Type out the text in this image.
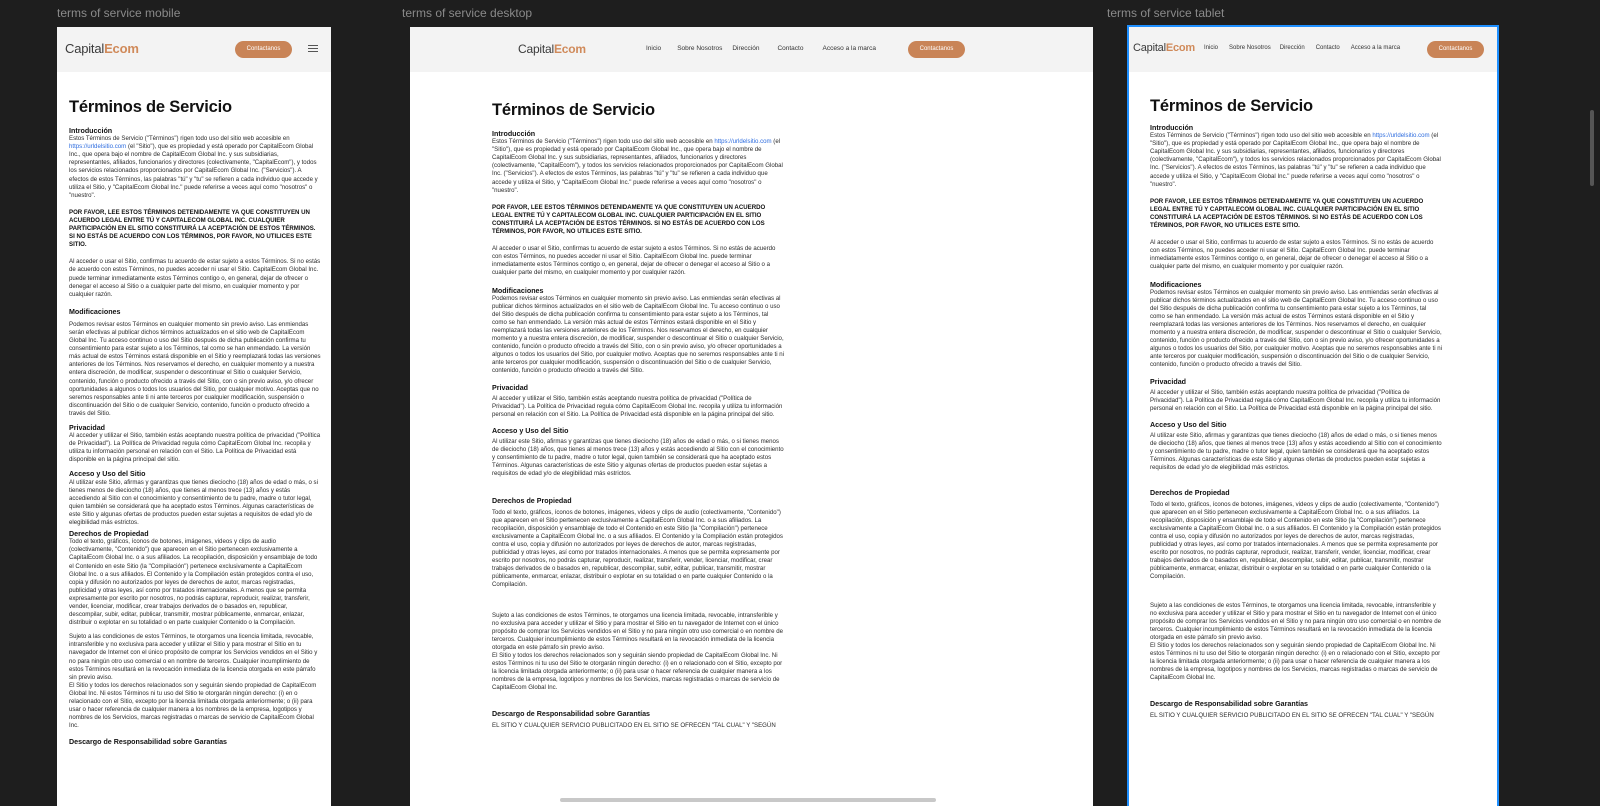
terms of service mobile	terms of service desktop	terms of service tablet
CapitalEcom	Contactanos
Términos de Servicio
Introducción

Estos Términos de Servicio ("Términos") rigen todo uso del sitio web accesible en https://urldelsitio.com (el "Sitio"), que es propiedad y está operado por CapitalEcom Global Inc., que opera bajo el nombre de CapitalEcom Global Inc. y sus subsidiarias, representantes, afiliados, funcionarios y directores (colectivamente, "CapitalEcom"), y todos los servicios relacionados proporcionados por CapitalEcom Global Inc. ("Servicios"). A efectos de estos Términos, las palabras "tú" y "tu" se refieren a cada individuo que accede y utiliza el Sitio, y "CapitalEcom Global Inc." puede referirse a veces aquí como "nosotros" o "nuestro".

POR FAVOR, LEE ESTOS TÉRMINOS DETENIDAMENTE YA QUE CONSTITUYEN UN ACUERDO LEGAL ENTRE TÚ Y CAPITALECOM GLOBAL INC. CUALQUIER PARTICIPACIÓN EN EL SITIO CONSTITUIRÁ LA ACEPTACIÓN DE ESTOS TÉRMINOS. SI NO ESTÁS DE ACUERDO CON LOS TÉRMINOS, POR FAVOR, NO UTILICES ESTE SITIO.

Al acceder o usar el Sitio, confirmas tu acuerdo de estar sujeto a estos Términos. Si no estás de acuerdo con estos Términos, no puedes acceder ni usar el Sitio. CapitalEcom Global Inc. puede terminar inmediatamente estos Términos contigo o, en general, dejar de ofrecer o denegar el acceso al Sitio o a cualquier parte del mismo, en cualquier momento y por cualquier razón.

Modificaciones

Podemos revisar estos Términos en cualquier momento sin previo aviso. Las enmiendas serán efectivas al publicar dichos términos actualizados en el sitio web de CapitalEcom Global Inc. Tu acceso continuo o uso del Sitio después de dicha publicación confirma tu consentimiento para estar sujeto a los Términos, tal como se han enmendado. La versión más actual de estos Términos estará disponible en el Sitio y reemplazará todas las versiones anteriores de los Términos. Nos reservamos el derecho, en cualquier momento y a nuestra entera discreción, de modificar, suspender o descontinuar el Sitio o cualquier Servicio, contenido, función o producto ofrecido a través del Sitio, con o sin previo aviso, y/o ofrecer oportunidades a algunos o todos los usuarios del Sitio, por cualquier motivo. Aceptas que no seremos responsables ante ti ni ante terceros por cualquier modificación, suspensión o discontinuación del Sitio o de cualquier Servicio, contenido, función o producto ofrecido a través del Sitio.

Privacidad

Al acceder y utilizar el Sitio, también estás aceptando nuestra política de privacidad ("Política de Privacidad"). La Política de Privacidad regula cómo CapitalEcom Global Inc. recopila y utiliza tu información personal en relación con el Sitio. La Política de Privacidad está disponible en la página principal del sitio.

Acceso y Uso del Sitio

Al utilizar este Sitio, afirmas y garantizas que tienes dieciocho (18) años de edad o más, o si tienes menos de dieciocho (18) años, que tienes al menos trece (13) años y estás accediendo al Sitio con el conocimiento y consentimiento de tu padre, madre o tutor legal, quien también se considerará que ha aceptado estos Términos. Algunas características de este Sitio y algunas ofertas de productos pueden estar sujetas a requisitos de edad y/o de elegibilidad más estrictos.

Derechos de Propiedad

Todo el texto, gráficos, íconos de botones, imágenes, videos y clips de audio (colectivamente, "Contenido") que aparecen en el Sitio pertenecen exclusivamente a CapitalEcom Global Inc. o a sus afiliados. La recopilación, disposición y ensamblaje de todo el Contenido en este Sitio (la "Compilación") pertenece exclusivamente a CapitalEcom Global Inc. o a sus afiliados. El Contenido y la Compilación están protegidos contra el uso, copia y difusión no autorizados por leyes de derechos de autor, marcas registradas, publicidad y otras leyes, así como por tratados internacionales. A menos que se permita expresamente por escrito por nosotros, no podrás capturar, reproducir, realizar, transferir, vender, licenciar, modificar, crear trabajos derivados de o basados en, republicar, descompilar, subir, editar, publicar, transmitir, mostrar públicamente, enmarcar, enlazar, distribuir o explotar en su totalidad o en parte cualquier Contenido o la Compilación.

Sujeto a las condiciones de estos Términos, te otorgamos una licencia limitada, revocable, intransferible y no exclusiva para acceder y utilizar el Sitio y para mostrar el Sitio en tu navegador de Internet con el único propósito de comprar los Servicios vendidos en el Sitio y no para ningún otro uso comercial o en nombre de terceros. Cualquier incumplimiento de estos Términos resultará en la revocación inmediata de la licencia otorgada en este párrafo sin previo aviso.

El Sitio y todos los derechos relacionados son y seguirán siendo propiedad de CapitalEcom Global Inc. Ni estos Términos ni tu uso del Sitio te otorgarán ningún derecho: (i) en o relacionado con el Sitio, excepto por la licencia limitada otorgada anteriormente; o (ii) para usar o hacer referencia de cualquier manera a los nombres de la empresa, logotipos y nombres de los Servicios, marcas registradas o marcas de servicio de CapitalEcom Global Inc.

Descargo de Responsabilidad sobre Garantías
CapitalEcom	Inicio Sobre Nosotros Dirección	Contacto	Acceso a la marca	Contactanos
Términos de Servicio
Introducción

Estos Términos de Servicio ("Términos") rigen todo uso del sitio web accesible en https://urldelsitio.com (el "Sitio"), que es propiedad y está operado por CapitalEcom Global Inc., que opera bajo el nombre de CapitalEcom Global Inc. y sus subsidiarias, representantes, afiliados, funcionarios y directores (colectivamente, "CapitalEcom"), y todos los servicios relacionados proporcionados por CapitalEcom Global Inc. ("Servicios"). A efectos de estos Términos, las palabras "tú" y "tu" se refieren a cada individuo que accede y utiliza el Sitio, y "CapitalEcom Global Inc." puede referirse a veces aquí como "nosotros" o "nuestro".

POR FAVOR, LEE ESTOS TÉRMINOS DETENIDAMENTE YA QUE CONSTITUYEN UN ACUERDO LEGAL ENTRE TÚ Y CAPITALECOM GLOBAL INC. CUALQUIER PARTICIPACIÓN EN EL SITIO CONSTITUIRÁ LA ACEPTACIÓN DE ESTOS TÉRMINOS. SI NO ESTÁS DE ACUERDO CON LOS TÉRMINOS, POR FAVOR, NO UTILICES ESTE SITIO.

Al acceder o usar el Sitio, confirmas tu acuerdo de estar sujeto a estos Términos. Si no estás de acuerdo con estos Términos, no puedes acceder ni usar el Sitio. CapitalEcom Global Inc. puede terminar inmediatamente estos Términos contigo o, en general, dejar de ofrecer o denegar el acceso al Sitio o a cualquier parte del mismo, en cualquier momento y por cualquier razón.

Modificaciones

Podemos revisar estos Términos en cualquier momento sin previo aviso. Las enmiendas serán efectivas al publicar dichos términos actualizados en el sitio web de CapitalEcom Global Inc. Tu acceso continuo o uso del Sitio después de dicha publicación confirma tu consentimiento para estar sujeto a los Términos, tal como se han enmendado. La versión más actual de estos Términos estará disponible en el Sitio y reemplazará todas las versiones anteriores de los Términos. Nos reservamos el derecho, en cualquier momento y a nuestra entera discreción, de modificar, suspender o descontinuar el Sitio o cualquier Servicio, contenido, función o producto ofrecido a través del Sitio, con o sin previo aviso, y/o ofrecer oportunidades a algunos o todos los usuarios del Sitio, por cualquier motivo. Aceptas que no seremos responsables ante ti ni ante terceros por cualquier modificación, suspensión o discontinuación del Sitio o de cualquier Servicio, contenido, función o producto ofrecido a través del Sitio.

Privacidad

Al acceder y utilizar el Sitio, también estás aceptando nuestra política de privacidad ("Política de Privacidad"). La Política de Privacidad regula cómo CapitalEcom Global Inc. recopila y utiliza tu información personal en relación con el Sitio. La Política de Privacidad está disponible en la página principal del sitio.

Acceso y Uso del Sitio

Al utilizar este Sitio, afirmas y garantizas que tienes dieciocho (18) años de edad o más, o si tienes menos de dieciocho (18) años, que tienes al menos trece (13) años y estás accediendo al Sitio con el conocimiento y consentimiento de tu padre, madre o tutor legal, quien también se considerará que ha aceptado estos Términos. Algunas características de este Sitio y algunas ofertas de productos pueden estar sujetas a requisitos de edad y/o de elegibilidad más estrictos.

Derechos de Propiedad

Todo el texto, gráficos, íconos de botones, imágenes, videos y clips de audio (colectivamente, "Contenido") que aparecen en el Sitio pertenecen exclusivamente a CapitalEcom Global Inc. o a sus afiliados. La recopilación, disposición y ensamblaje de todo el Contenido en este Sitio (la "Compilación") pertenece exclusivamente a CapitalEcom Global Inc. o a sus afiliados. El Contenido y la Compilación están protegidos contra el uso, copia y difusión no autorizados por leyes de derechos de autor, marcas registradas, publicidad y otras leyes, así como por tratados internacionales. A menos que se permita expresamente por escrito por nosotros, no podrás capturar, reproducir, realizar, transferir, vender, licenciar, modificar, crear trabajos derivados de o basados en, republicar, descompilar, subir, editar, publicar, transmitir, mostrar públicamente, enmarcar, enlazar, distribuir o explotar en su totalidad o en parte cualquier Contenido o la Compilación.

Sujeto a las condiciones de estos Términos, te otorgamos una licencia limitada, revocable, intransferible y no exclusiva para acceder y utilizar el Sitio y para mostrar el Sitio en tu navegador de Internet con el único propósito de comprar los Servicios vendidos en el Sitio y no para ningún otro uso comercial o en nombre de terceros. Cualquier incumplimiento de estos Términos resultará en la revocación inmediata de la licencia otorgada en este párrafo sin previo aviso.

El Sitio y todos los derechos relacionados son y seguirán siendo propiedad de CapitalEcom Global Inc. Ni estos Términos ni tu uso del Sitio te otorgarán ningún derecho: (i) en o relacionado con el Sitio, excepto por la licencia limitada otorgada anteriormente; o (ii) para usar o hacer referencia de cualquier manera a los nombres de la empresa, logotipos y nombres de los Servicios, marcas registradas o marcas de servicio de CapitalEcom Global Inc.

Descargo de Responsabilidad sobre Garantías

EL SITIO Y CUALQUIER SERVICIO PUBLICITADO EN EL SITIO SE OFRECEN "TAL CUAL" Y "SEGÚN

CapitalEcom Inicio Sobre Nosotros Dirección Contacto Acceso a la marca	Contactanos
Términos de Servicio
Introducción

Estos Términos de Servicio ("Términos") rigen todo uso del sitio web accesible en https://urldelsitio.com (el "Sitio"), que es propiedad y está operado por CapitalEcom Global Inc., que opera bajo el nombre de CapitalEcom Global Inc. y sus subsidiarias, representantes, afiliados, funcionarios y directores (colectivamente, "CapitalEcom"), y todos los servicios relacionados proporcionados por CapitalEcom Global Inc. ("Servicios"). A efectos de estos Términos, las palabras "tú" y "tu" se refieren a cada individuo que accede y utiliza el Sitio, y "CapitalEcom Global Inc." puede referirse a veces aquí como "nosotros" o "nuestro".

POR FAVOR, LEE ESTOS TÉRMINOS DETENIDAMENTE YA QUE CONSTITUYEN UN ACUERDO LEGAL ENTRE TÚ Y CAPITALECOM GLOBAL INC. CUALQUIER PARTICIPACIÓN EN EL SITIO CONSTITUIRÁ LA ACEPTACIÓN DE ESTOS TÉRMINOS. SI NO ESTÁS DE ACUERDO CON LOS TÉRMINOS, POR FAVOR, NO UTILICES ESTE SITIO.

Al acceder o usar el Sitio, confirmas tu acuerdo de estar sujeto a estos Términos. Si no estás de acuerdo con estos Términos, no puedes acceder ni usar el Sitio. CapitalEcom Global Inc. puede terminar inmediatamente estos Términos contigo o, en general, dejar de ofrecer o denegar el acceso al Sitio o a cualquier parte del mismo, en cualquier momento y por cualquier razón.

Modificaciones

Podemos revisar estos Términos en cualquier momento sin previo aviso. Las enmiendas serán efectivas al publicar dichos términos actualizados en el sitio web de CapitalEcom Global Inc. Tu acceso continuo o uso del Sitio después de dicha publicación confirma tu consentimiento para estar sujeto a los Términos, tal como se han enmendado. La versión más actual de estos Términos estará disponible en el Sitio y reemplazará todas las versiones anteriores de los Términos. Nos reservamos el derecho, en cualquier momento y a nuestra entera discreción, de modificar, suspender o descontinuar el Sitio o cualquier Servicio, contenido, función o producto ofrecido a través del Sitio, con o sin previo aviso, y/o ofrecer oportunidades a algunos o todos los usuarios del Sitio, por cualquier motivo. Aceptas que no seremos responsables ante ti ni ante terceros por cualquier modificación, suspensión o discontinuación del Sitio o de cualquier Servicio, contenido, función o producto ofrecido a través del Sitio.

Privacidad

Al acceder y utilizar el Sitio, también estás aceptando nuestra política de privacidad ("Política de Privacidad"). La Política de Privacidad regula cómo CapitalEcom Global Inc. recopila y utiliza tu información personal en relación con el Sitio. La Política de Privacidad está disponible en la página principal del sitio.

Acceso y Uso del Sitio

Al utilizar este Sitio, afirmas y garantizas que tienes dieciocho (18) años de edad o más, o si tienes menos de dieciocho (18) años, que tienes al menos trece (13) años y estás accediendo al Sitio con el conocimiento y consentimiento de tu padre, madre o tutor legal, quien también se considerará que ha aceptado estos Términos. Algunas características de este Sitio y algunas ofertas de productos pueden estar sujetas a requisitos de edad y/o de elegibilidad más estrictos.

Derechos de Propiedad

Todo el texto, gráficos, íconos de botones, imágenes, videos y clips de audio (colectivamente, "Contenido") que aparecen en el Sitio pertenecen exclusivamente a CapitalEcom Global Inc. o a sus afiliados. La recopilación, disposición y ensamblaje de todo el Contenido en este Sitio (la "Compilación") pertenece exclusivamente a CapitalEcom Global Inc. o a sus afiliados. El Contenido y la Compilación están protegidos contra el uso, copia y difusión no autorizados por leyes de derechos de autor, marcas registradas, publicidad y otras leyes, así como por tratados internacionales. A menos que se permita expresamente por escrito por nosotros, no podrás capturar, reproducir, realizar, transferir, vender, licenciar, modificar, crear trabajos derivados de o basados en, republicar, descompilar, subir, editar, publicar, transmitir, mostrar públicamente, enmarcar, enlazar, distribuir o explotar en su totalidad o en parte cualquier Contenido o la Compilación.

Sujeto a las condiciones de estos Términos, te otorgamos una licencia limitada, revocable, intransferible y no exclusiva para acceder y utilizar el Sitio y para mostrar el Sitio en tu navegador de Internet con el único propósito de comprar los Servicios vendidos en el Sitio y no para ningún otro uso comercial o en nombre de terceros. Cualquier incumplimiento de estos Términos resultará en la revocación inmediata de la licencia otorgada en este párrafo sin previo aviso.

El Sitio y todos los derechos relacionados son y seguirán siendo propiedad de CapitalEcom Global Inc. Ni estos Términos ni tu uso del Sitio te otorgarán ningún derecho: (i) en o relacionado con el Sitio, excepto por la licencia limitada otorgada anteriormente; o (ii) para usar o hacer referencia de cualquier manera a los nombres de la empresa, logotipos y nombres de los Servicios, marcas registradas o marcas de servicio de CapitalEcom Global Inc.

Descargo de Responsabilidad sobre Garantías

EL SITIO Y CUALQUIER SERVICIO PUBLICITADO EN EL SITIO SE OFRECEN "TAL CUAL" Y "SEGÚN
